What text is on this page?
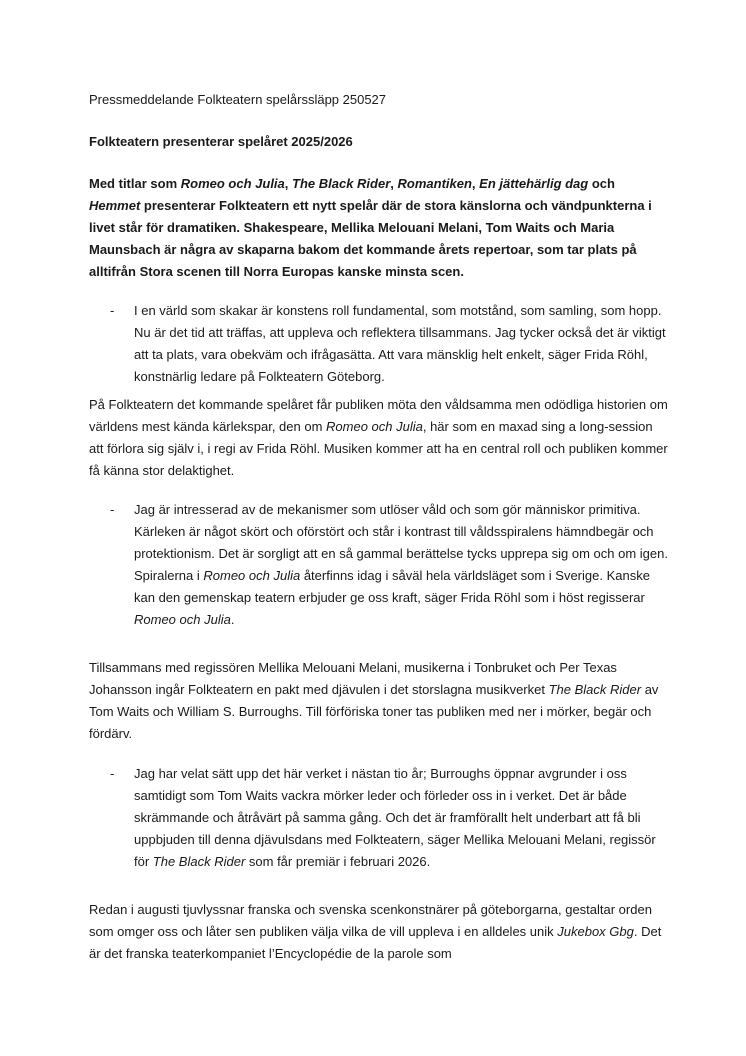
Pressmeddelande Folkteatern spelårssläpp 250527

Folkteatern presenterar spelåret 2025/2026

Med titlar som Romeo och Julia, The Black Rider, Romantiken, En jättehärlig dag och Hemmet presenterar Folkteatern ett nytt spelår där de stora känslorna och vändpunkterna i livet står för dramatiken. Shakespeare, Mellika Melouani Melani, Tom Waits och Maria Maunsbach är några av skaparna bakom det kommande årets repertoar, som tar plats på alltifrån Stora scenen till Norra Europas kanske minsta scen.

- I en värld som skakar är konstens roll fundamental, som motstånd, som samling, som hopp. Nu är det tid att träffas, att uppleva och reflektera tillsammans. Jag tycker också det är viktigt att ta plats, vara obekväm och ifrågasätta. Att vara mänsklig helt enkelt, säger Frida Röhl, konstnärlig ledare på Folkteatern Göteborg.

På Folkteatern det kommande spelåret får publiken möta den våldsamma men odödliga historien om världens mest kända kärlekspar, den om Romeo och Julia, här som en maxad sing a long-session att förlora sig själv i, i regi av Frida Röhl. Musiken kommer att ha en central roll och publiken kommer få känna stor delaktighet.

- Jag är intresserad av de mekanismer som utlöser våld och som gör människor primitiva. Kärleken är något skört och oförstört och står i kontrast till våldsspiralens hämndbegär och protektionism. Det är sorgligt att en så gammal berättelse tycks upprepa sig om och om igen. Spiralerna i Romeo och Julia återfinns idag i såväl hela världsläget som i Sverige. Kanske kan den gemenskap teatern erbjuder ge oss kraft, säger Frida Röhl som i höst regisserar Romeo och Julia.

Tillsammans med regissören Mellika Melouani Melani, musikerna i Tonbruket och Per Texas Johansson ingår Folkteatern en pakt med djävulen i det storslagna musikverket The Black Rider av Tom Waits och William S. Burroughs. Till förföriska toner tas publiken med ner i mörker, begär och fördärv.

- Jag har velat sätt upp det här verket i nästan tio år; Burroughs öppnar avgrunder i oss samtidigt som Tom Waits vackra mörker leder och förleder oss in i verket. Det är både skrämmande och åtråvärt på samma gång. Och det är framförallt helt underbart att få bli uppbjuden till denna djävulsdans med Folkteatern, säger Mellika Melouani Melani, regissör för The Black Rider som får premiär i februari 2026.

Redan i augusti tjuvlyssnar franska och svenska scenkonstnärer på göteborgarna, gestaltar orden som omger oss och låter sen publiken välja vilka de vill uppleva i en alldeles unik Jukebox Gbg. Det är det franska teaterkompaniet l’Encyclopédie de la parole som
